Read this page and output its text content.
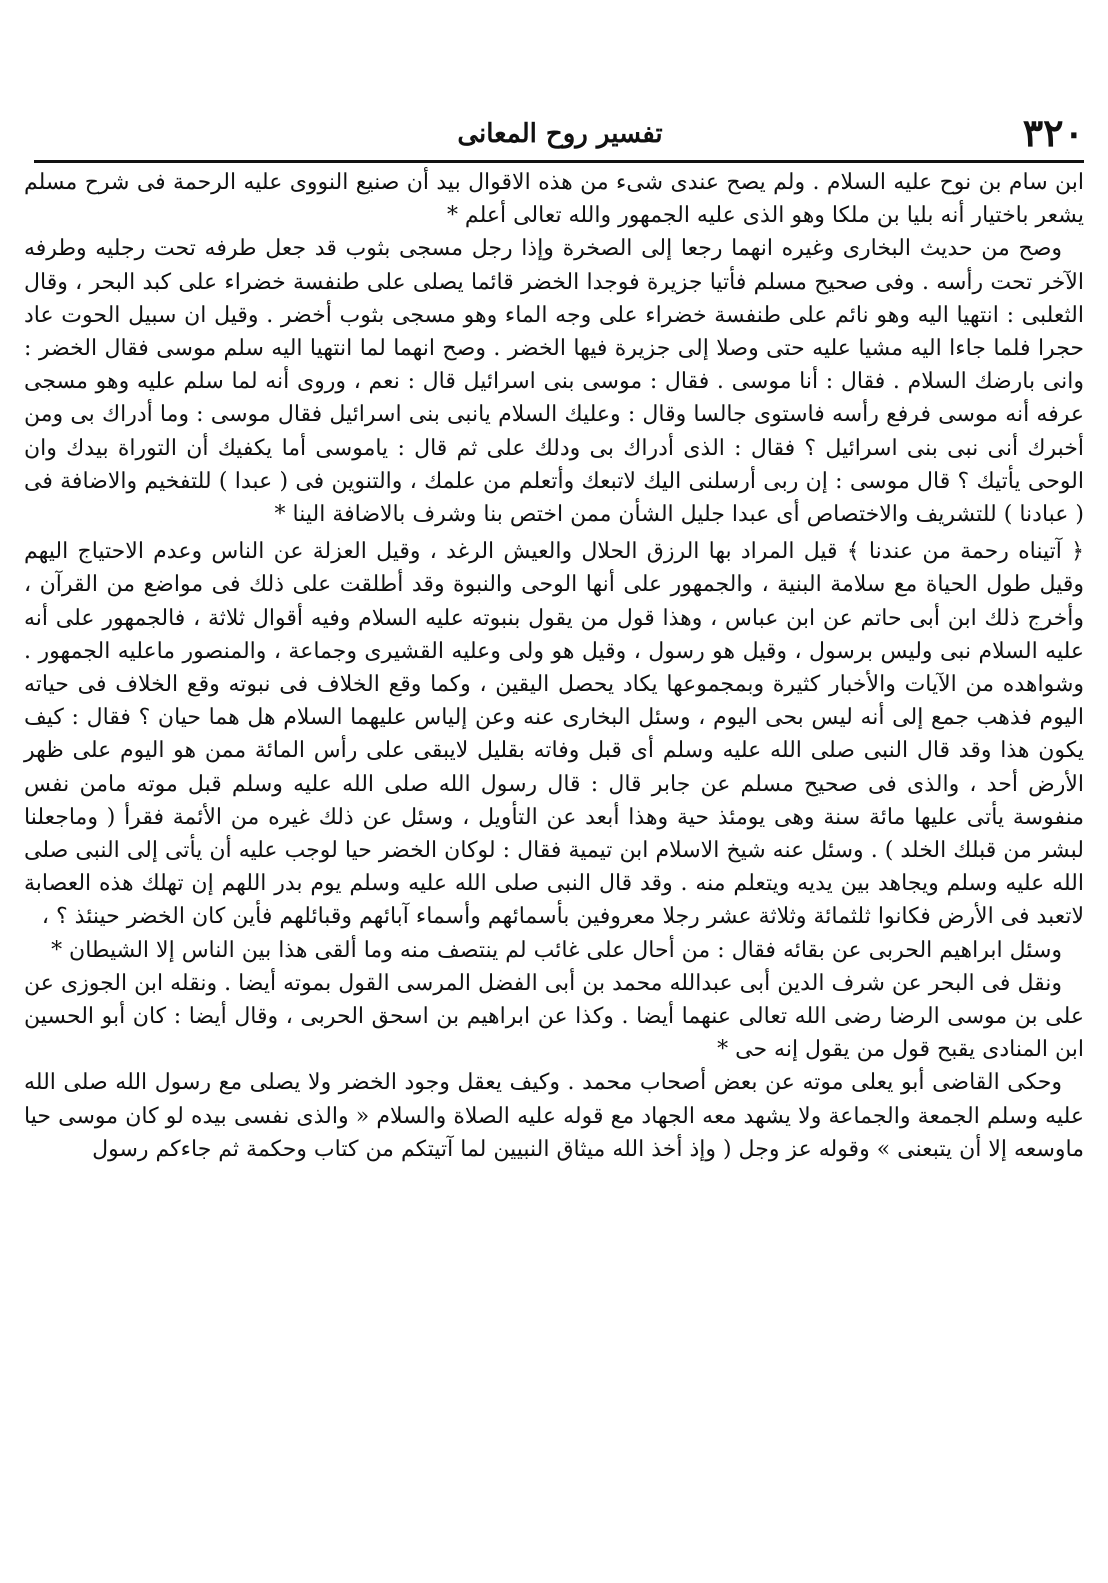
٣٢٠
تفسير روح المعانى

ابن سام بن نوح عليه السلام . ولم يصح عندى شىء من هذه الاقوال بيد أن صنيع النووى عليه الرحمة فى شرح مسلم يشعر باختيار أنه بليا بن ملكا وهو الذى عليه الجمهور والله تعالى أعلم *

وصح من حديث البخارى وغيره انهما رجعا إلى الصخرة وإذا رجل مسجى بثوب قد جعل طرفه تحت رجليه وطرفه الآخر تحت رأسه . وفى صحيح مسلم فأتيا جزيرة فوجدا الخضر قائما يصلى على طنفسة خضراء على كبد البحر ، وقال الثعلبى : انتهيا اليه وهو نائم على طنفسة خضراء على وجه الماء وهو مسجى بثوب أخضر . وقيل ان سبيل الحوت عاد حجرا فلما جاءا اليه مشيا عليه حتى وصلا إلى جزيرة فيها الخضر . وصح انهما لما انتهيا اليه سلم موسى فقال الخضر : وانى بارضك السلام . فقال : أنا موسى . فقال : موسى بنى اسرائيل قال : نعم ، وروى أنه لما سلم عليه وهو مسجى عرفه أنه موسى فرفع رأسه فاستوى جالسا وقال : وعليك السلام يانبى بنى اسرائيل فقال موسى : وما أدراك بى ومن أخبرك أنى نبى بنى اسرائيل ؟ فقال : الذى أدراك بى ودلك على ثم قال : ياموسى أما يكفيك أن التوراة بيدك وان الوحى يأتيك ؟ قال موسى : إن ربى أرسلنى اليك لاتبعك وأتعلم من علمك ، والتنوين فى ( عبدا ) للتفخيم والاضافة فى ( عبادنا ) للتشريف والاختصاص أى عبدا جليل الشأن ممن اختص بنا وشرف بالاضافة الينا *

﴿ آتيناه رحمة من عندنا ﴾ قيل المراد بها الرزق الحلال والعيش الرغد ، وقيل العزلة عن الناس وعدم الاحتياج اليهم وقيل طول الحياة مع سلامة البنية ، والجمهور على أنها الوحى والنبوة وقد أطلقت على ذلك فى مواضع من القرآن ، وأخرج ذلك ابن أبى حاتم عن ابن عباس ، وهذا قول من يقول بنبوته عليه السلام وفيه أقوال ثلاثة ، فالجمهور على أنه عليه السلام نبى وليس برسول ، وقيل هو رسول ، وقيل هو ولى وعليه القشيرى وجماعة ، والمنصور ماعليه الجمهور . وشواهده من الآيات والأخبار كثيرة وبمجموعها يكاد يحصل اليقين ، وكما وقع الخلاف فى نبوته وقع الخلاف فى حياته اليوم فذهب جمع إلى أنه ليس بحى اليوم ، وسئل البخارى عنه وعن إلياس عليهما السلام هل هما حيان ؟ فقال : كيف يكون هذا وقد قال النبى صلى الله عليه وسلم أى قبل وفاته بقليل لايبقى على رأس المائة ممن هو اليوم على ظهر الأرض أحد ، والذى فى صحيح مسلم عن جابر قال : قال رسول الله صلى الله عليه وسلم قبل موته مامن نفس منفوسة يأتى عليها مائة سنة وهى يومئذ حية وهذا أبعد عن التأويل ، وسئل عن ذلك غيره من الأئمة فقرأ ( وماجعلنا لبشر من قبلك الخلد ) . وسئل عنه شيخ الاسلام ابن تيمية فقال : لوكان الخضر حيا لوجب عليه أن يأتى إلى النبى صلى الله عليه وسلم ويجاهد بين يديه ويتعلم منه . وقد قال النبى صلى الله عليه وسلم يوم بدر اللهم إن تهلك هذه العصابة لاتعبد فى الأرض فكانوا ثلثمائة وثلاثة عشر رجلا معروفين بأسمائهم وأسماء آبائهم وقبائلهم فأين كان الخضر حينئذ ؟ ،

وسئل ابراهيم الحربى عن بقائه فقال : من أحال على غائب لم ينتصف منه وما ألقى هذا بين الناس إلا الشيطان *

ونقل فى البحر عن شرف الدين أبى عبدالله محمد بن أبى الفضل المرسى القول بموته أيضا . ونقله ابن الجوزى عن على بن موسى الرضا رضى الله تعالى عنهما أيضا . وكذا عن ابراهيم بن اسحق الحربى ، وقال أيضا : كان أبو الحسين ابن المنادى يقبح قول من يقول إنه حى *

وحكى القاضى أبو يعلى موته عن بعض أصحاب محمد . وكيف يعقل وجود الخضر ولا يصلى مع رسول الله صلى الله عليه وسلم الجمعة والجماعة ولا يشهد معه الجهاد مع قوله عليه الصلاة والسلام « والذى نفسى بيده لو كان موسى حيا ماوسعه إلا أن يتبعنى » وقوله عز وجل ( وإذ أخذ الله ميثاق النبيين لما آتيتكم من كتاب وحكمة ثم جاءكم رسول
